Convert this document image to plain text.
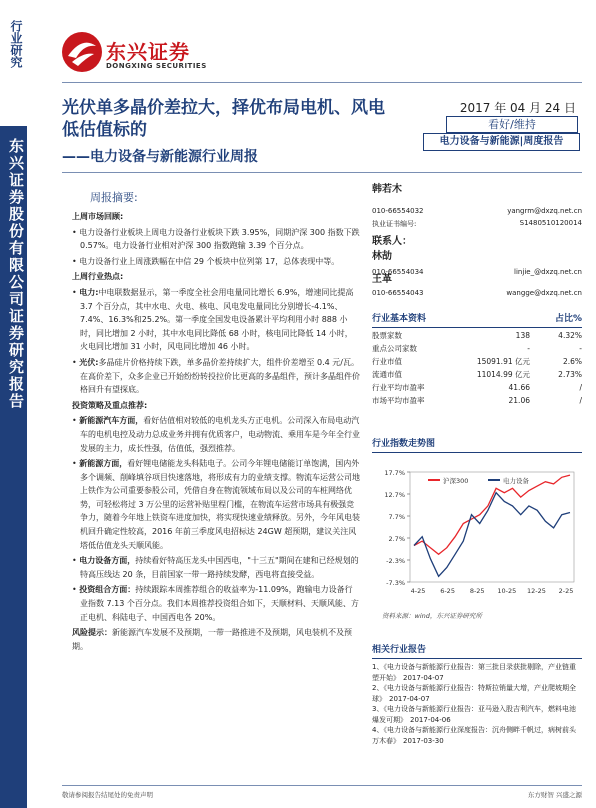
行业研究
东兴证券股份有限公司证券研究报告
东兴证券
DONGXING SECURITIES
光伏单多晶价差拉大，择优布局电机、风电低估值标的
——电力设备与新能源行业周报
2017 年 04 月 24 日
看好/维持
电力设备与新能源|周度报告
周报摘要:

上周市场回顾:

• 电力设备行业板块上周电力设备行业板块下跌 3.95%，同期沪深 300 指数下跌 0.57%。电力设备行业相对沪深 300 指数跑输 3.39 个百分点。

• 电力设备行业上周涨跌幅在中信 29 个板块中位列第 17，总体表现中等。

上周行业热点:

• 电力:中电联数据显示，第一季度全社会用电量同比增长 6.9%，增速同比提高 3.7 个百分点，其中水电、火电、核电、风电发电量同比分别增长-4.1%、7.4%、16.3%和25.2%。第一季度全国发电设备累计平均利用小时 888 小时，同比增加 2 小时，其中水电同比降低 68 小时，核电同比降低 14 小时，火电同比增加 31 小时，风电同比增加 46 小时。

• 光伏:多晶硅片价格持续下跌，单多晶价差持续扩大，组件价差增至 0.4 元/瓦。在高价差下，众多企业已开始纷纷转投拉价比更高的多晶组件，预计多晶组件价格回升有望探底。

投资策略及重点推荐:

• 新能源汽车方面，看好估值相对较低的电机龙头方正电机。公司深入布局电动汽车的电机电控及动力总成业务并拥有优质客户，电动物流、乘用车是今年全行业发展的主力，成长性强，估值低，强烈推荐。

• 新能源方面，看好锂电储能龙头科陆电子。公司今年锂电储能订单饱满，国内外多个调频、削峰填谷项目快速落地，将形成有力的业绩支撑。物流车运营公司地上铁作为公司重要参股公司，凭借自身在物流领域布局以及公司的车桩网络优势，可轻松将过 3 万公里的运营补贴里程门槛，在物流车运营市场具有极强竞争力，随着今年地上铁资车进度加快，将实现快速业绩释放。另外，今年风电装机回升确定性较高，2016 年前三季度风电招标达 24GW 超预期，建议关注风塔低估值龙头天顺风能。

• 电力设备方面，持续看好特高压龙头中国西电，"十三五"期间在建和已经规划的特高压线达 20 条，目前国家一带一路持续发酵，西电将直接受益。

• 投资组合方面：持续跟踪本周推荐组合的收益率为-11.09%，跑输电力设备行业指数 7.13 个百分点。我们本周推荐投资组合如下，天顺材料、天顺风能、方正电机、科陆电子、中国西电各 20%。

风险提示：新能源汽车发展不及预期，一带一路推进不及预期，风电装机不及预期。

韩若木
010-66554032	yangrm@dxzq.net.cn
执业证书编号:	S1480510120014
联系人：
林劼
010-66554034	linjie_@dxzq.net.cn
王革
010-66554043	wangge@dxzq.net.cn
行业基本资料	占比%
股票家数	138	4.32%
重点公司家数	-	-
行业市值	15091.91 亿元	2.6%
流通市值	11014.99 亿元	2.73%
行业平均市盈率	41.66	/
市场平均市盈率	21.06	/
行业指数走势图
17.7%
12.7%
7.7%
2.7%
-2.3%
-7.3%
4-25 6-25 8-25 10-25 12-25 2-25
沪深300	电力设备
资料来源：wind，东兴证券研究所
相关行业报告

1、《电力设备与新能源行业报告：第三批目录获批剔除，产业链重塑开始》 2017-04-07

2、《电力设备与新能源行业报告：特斯拉销量大增，产业爬坡期全球》 2017-04-07

3、《电力设备与新能源行业报告：亚马逊入股吉利汽车，燃料电池爆发可期》 2017-04-06

4、《电力设备与新能源行业深度报告：沉舟侧畔千帆过，病树前头万木春》 2017-03-30

敬请参阅报告结尾处的免责声明	东方财智 兴盛之源
